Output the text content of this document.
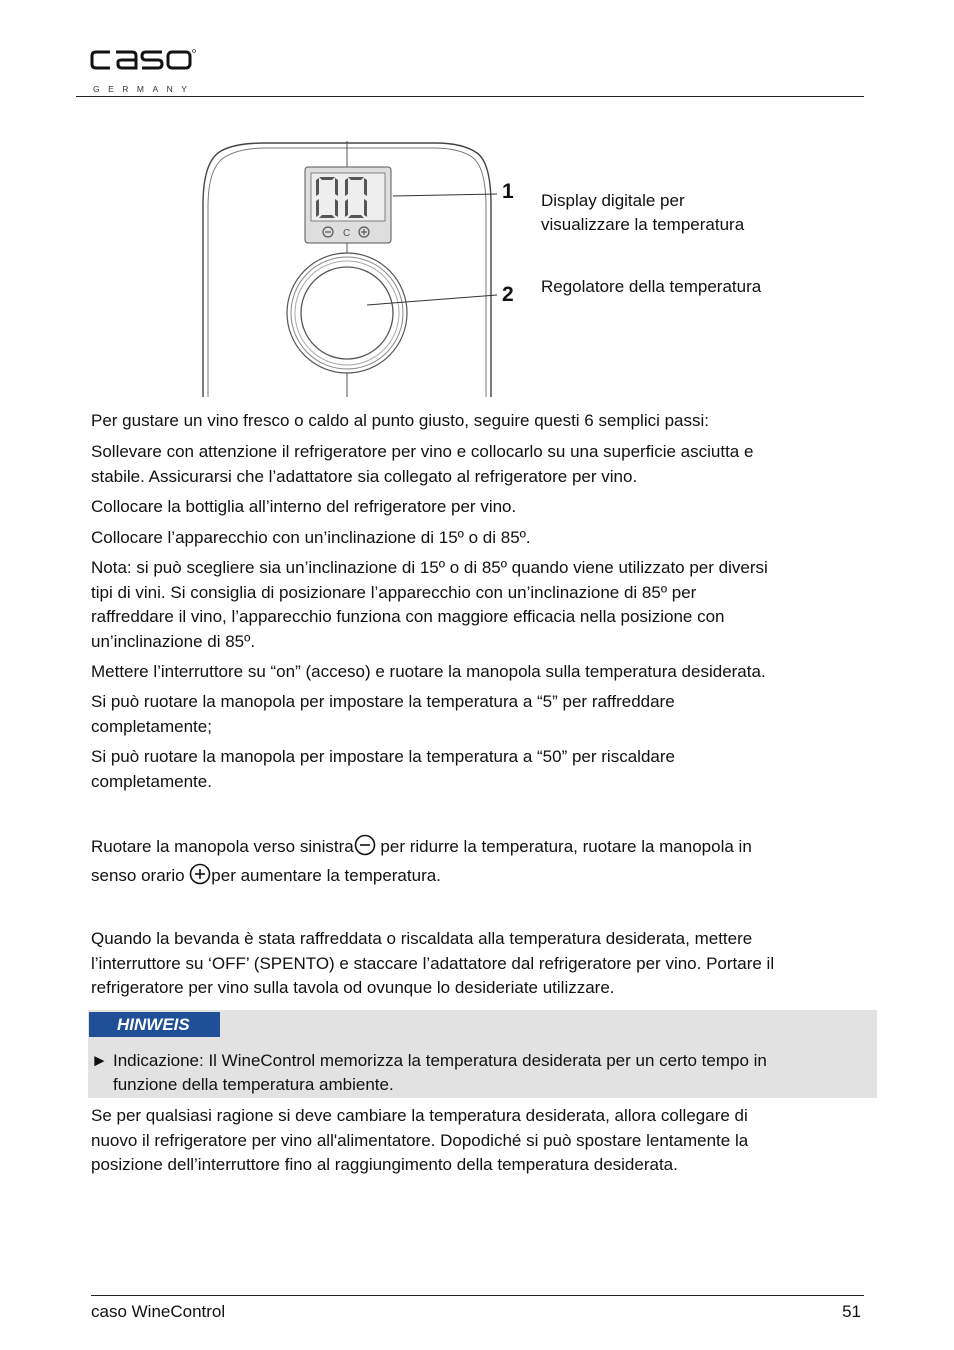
GERMANY
C
1 Display digitale per
visualizzare la temperatura
2 Regolatore della temperatura

Per gustare un vino fresco o caldo al punto giusto, seguire questi 6 semplici passi:

Sollevare con attenzione il refrigeratore per vino e collocarlo su una superficie asciutta e
stabile. Assicurarsi che l’adattatore sia collegato al refrigeratore per vino.

Collocare la bottiglia all’interno del refrigeratore per vino.

Collocare l’apparecchio con un’inclinazione di 15º o di 85º.

Nota: si può scegliere sia un’inclinazione di 15º o di 85º quando viene utilizzato per diversi
tipi di vini. Si consiglia di posizionare l’apparecchio con un’inclinazione di 85º per
raffreddare il vino, l’apparecchio funziona con maggiore efficacia nella posizione con
un’inclinazione di 85º.

Mettere l’interruttore su “on” (acceso) e ruotare la manopola sulla temperatura desiderata.

Si può ruotare la manopola per impostare la temperatura a “5” per raffreddare
completamente;
Si può ruotare la manopola per impostare la temperatura a “50” per riscaldare
completamente.
Ruotare la manopola verso sinistra per ridurre la temperatura, ruotare la manopola in
senso orario per aumentare la temperatura.
Quando la bevanda è stata raffreddata o riscaldata alla temperatura desiderata, mettere
l’interruttore su ‘OFF’ (SPENTO) e staccare l’adattatore dal refrigeratore per vino. Portare il
refrigeratore per vino sulla tavola od ovunque lo desideriate utilizzare.
HINWEIS
► Indicazione: Il WineControl memorizza la temperatura desiderata per un certo tempo in
funzione della temperatura ambiente.
Se per qualsiasi ragione si deve cambiare la temperatura desiderata, allora collegare di
nuovo il refrigeratore per vino all'alimentatore. Dopodiché si può spostare lentamente la
posizione dell’interruttore fino al raggiungimento della temperatura desiderata.
caso WineControl	51
